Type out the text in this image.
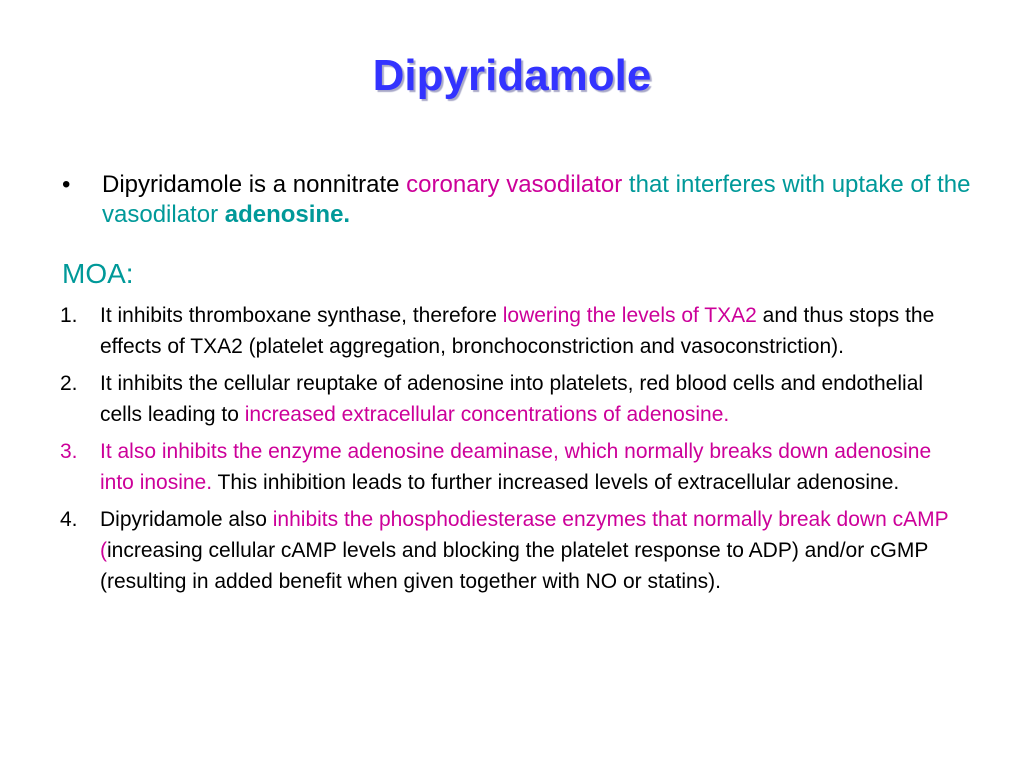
Dipyridamole
•	Dipyridamole is a nonnitrate coronary vasodilator that interferes with uptake of the vasodilator adenosine.
MOA:
1.	It inhibits thromboxane synthase, therefore lowering the levels of TXA2 and thus stops the effects of TXA2 (platelet aggregation, bronchoconstriction and vasoconstriction).
2.	It inhibits the cellular reuptake of adenosine into platelets, red blood cells and endothelial cells leading to increased extracellular concentrations of adenosine.
3.	It also inhibits the enzyme adenosine deaminase, which normally breaks down adenosine into inosine. This inhibition leads to further increased levels of extracellular adenosine.
4.	Dipyridamole also inhibits the phosphodiesterase enzymes that normally break down cAMP (increasing cellular cAMP levels and blocking the platelet response to ADP) and/or cGMP (resulting in added benefit when given together with NO or statins).
